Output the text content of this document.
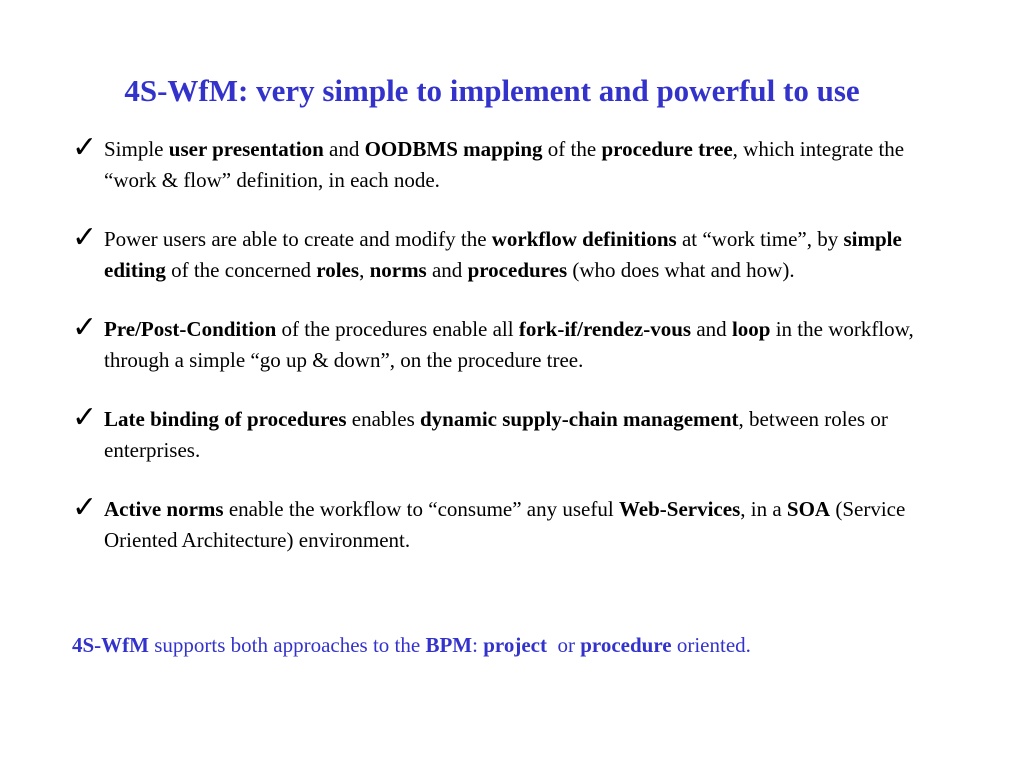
4S-WfM: very simple to implement and powerful to use
✓ Simple user presentation and OODBMS mapping of the procedure tree, which integrate the “work & flow” definition, in each node.
✓ Power users are able to create and modify the workflow definitions at “work time”, by simple editing of the concerned roles, norms and procedures (who does what and how).
✓ Pre/Post-Condition of the procedures enable all fork-if/rendez-vous and loop in the workflow, through a simple “go up & down”, on the procedure tree.
✓ Late binding of procedures enables dynamic supply-chain management, between roles or enterprises.
✓ Active norms enable the workflow to “consume” any useful Web-Services, in a SOA (Service Oriented Architecture) environment.
4S-WfM supports both approaches to the BPM: project  or procedure oriented.
